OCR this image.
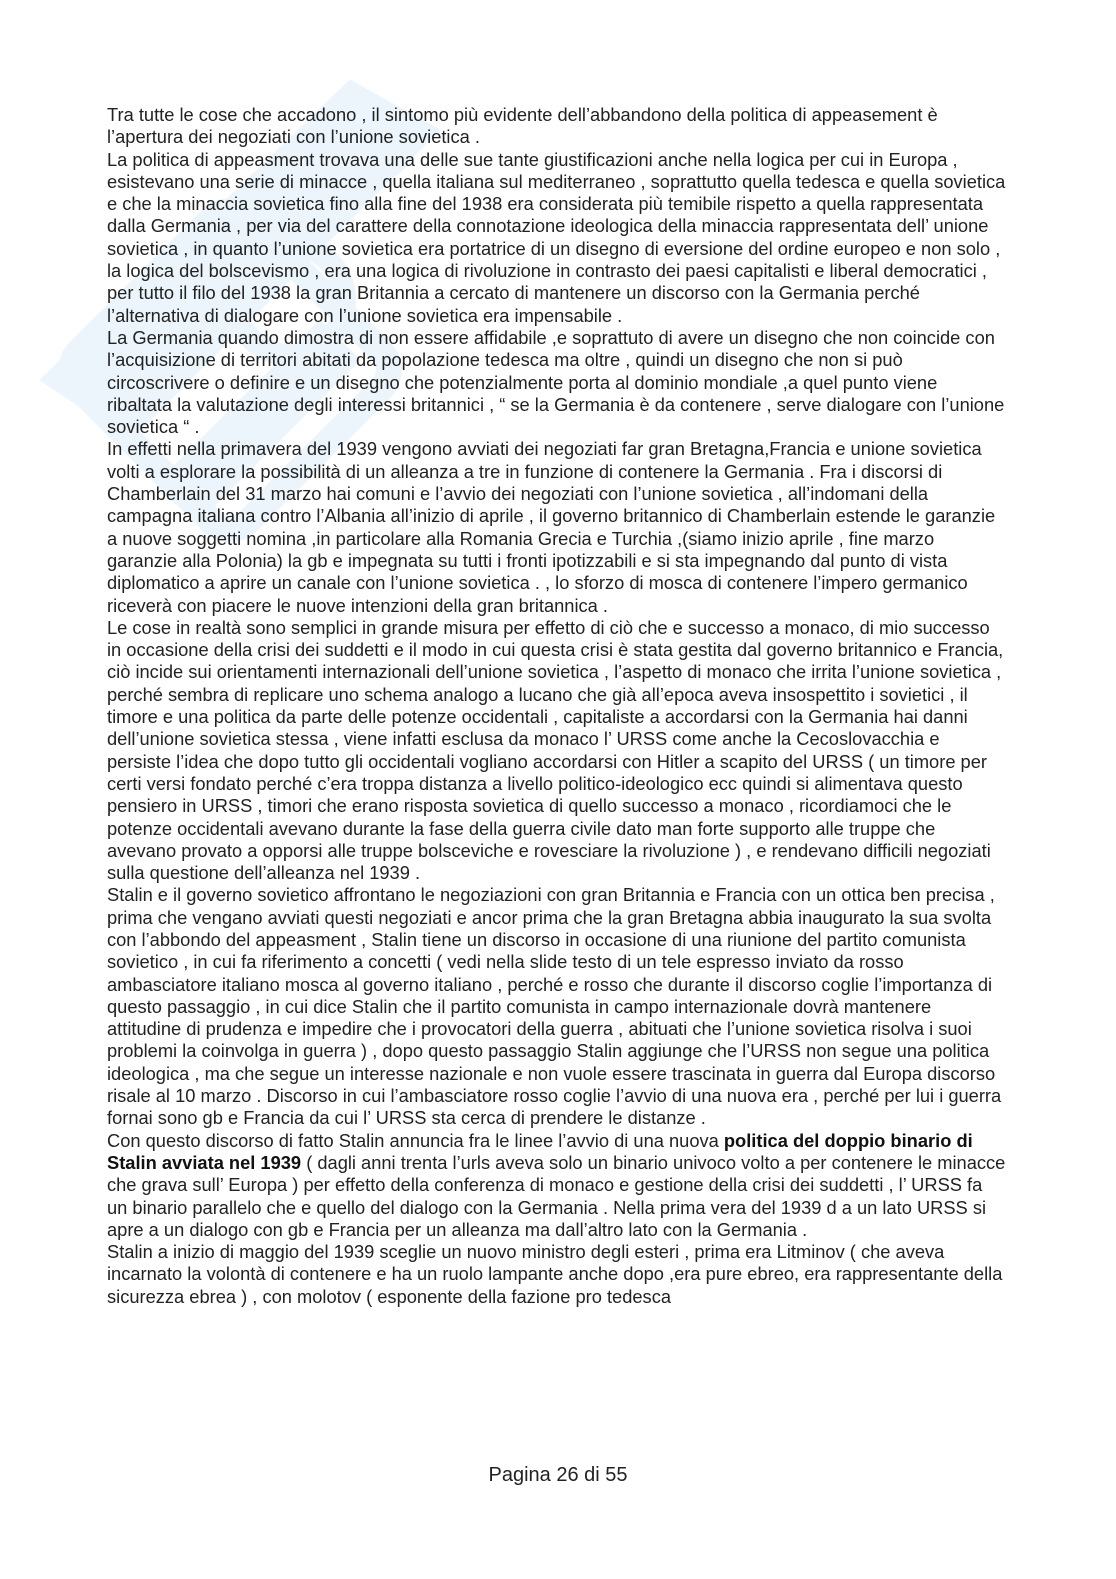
Tra tutte le cose che accadono , il sintomo più evidente dell’abbandono della politica di appeasement è l’apertura dei negoziati con l’unione sovietica .

La politica di appeasment trovava una delle sue tante giustificazioni anche nella logica per cui in Europa , esistevano una serie di minacce , quella italiana sul mediterraneo , soprattutto quella tedesca e quella sovietica e che la minaccia sovietica fino alla fine del 1938 era considerata più temibile rispetto a quella rappresentata dalla Germania , per via del carattere della connotazione ideologica della minaccia rappresentata dell’ unione sovietica , in quanto l’unione sovietica era portatrice di un disegno di eversione del ordine europeo e non solo , la logica del bolscevismo , era una logica di rivoluzione in contrasto dei paesi capitalisti e liberal democratici , per tutto il filo del 1938 la gran Britannia a cercato di mantenere un discorso con la Germania perché l’alternativa di dialogare con l’unione sovietica era impensabile .

La Germania quando dimostra di non essere affidabile ,e soprattuto di avere un disegno che non coincide con l’acquisizione di territori abitati da popolazione tedesca ma oltre , quindi un disegno che non si può circoscrivere o definire e un disegno che potenzialmente porta al dominio mondiale ,a quel punto viene ribaltata la valutazione degli interessi britannici , “ se la Germania è da contenere , serve dialogare con l’unione sovietica “ .

In effetti nella primavera del 1939 vengono avviati dei negoziati far gran Bretagna,Francia e unione sovietica volti a esplorare la possibilità di un alleanza a tre in funzione di contenere la Germania . Fra i discorsi di Chamberlain del 31 marzo hai comuni e l’avvio dei negoziati con l’unione sovietica , all’indomani della campagna italiana contro l’Albania all’inizio di aprile , il governo britannico di Chamberlain estende le garanzie a nuove soggetti nomina ,in particolare alla Romania Grecia e Turchia ,(siamo inizio aprile , fine marzo garanzie alla Polonia) la gb e impegnata su tutti i fronti ipotizzabili e si sta impegnando dal punto di vista diplomatico a aprire un canale con l’unione sovietica . , lo sforzo di mosca di contenere l’impero germanico riceverà con piacere le nuove intenzioni della gran britannica .

Le cose in realtà sono semplici in grande misura per effetto di ciò che e successo a monaco, di mio successo in occasione della crisi dei suddetti e il modo in cui questa crisi è stata gestita dal governo britannico e Francia, ciò incide sui orientamenti internazionali dell’unione sovietica , l’aspetto di monaco che irrita l’unione sovietica , perché sembra di replicare uno schema analogo a lucano che già all’epoca aveva insospettito i sovietici , il timore e una politica da parte delle potenze occidentali , capitaliste a accordarsi con la Germania hai danni dell’unione sovietica stessa , viene infatti esclusa da monaco l’ URSS come anche la Cecoslovacchia e persiste l’idea che dopo tutto gli occidentali vogliano accordarsi con Hitler a scapito del URSS ( un timore per certi versi fondato perché c’era troppa distanza a livello politico-ideologico ecc quindi si alimentava questo pensiero in URSS , timori che erano risposta sovietica di quello successo a monaco , ricordiamoci che le potenze occidentali avevano durante la fase della guerra civile dato man forte supporto alle truppe che avevano provato a opporsi alle truppe bolsceviche e rovesciare la rivoluzione ) , e rendevano difficili negoziati sulla questione dell’alleanza nel 1939 .

Stalin e il governo sovietico affrontano le negoziazioni con gran Britannia e Francia con un ottica ben precisa , prima che vengano avviati questi negoziati e ancor prima che la gran Bretagna abbia inaugurato la sua svolta con l’abbondo del appeasment , Stalin tiene un discorso in occasione di una riunione del partito comunista sovietico , in cui fa riferimento a concetti ( vedi nella slide testo di un tele espresso inviato da rosso ambasciatore italiano mosca al governo italiano , perché e rosso che durante il discorso coglie l’importanza di questo passaggio , in cui dice Stalin che il partito comunista in campo internazionale dovrà mantenere attitudine di prudenza e impedire che i provocatori della guerra , abituati che l’unione sovietica risolva i suoi problemi la coinvolga in guerra ) , dopo questo passaggio Stalin aggiunge che l’URSS non segue una politica ideologica , ma che segue un interesse nazionale e non vuole essere trascinata in guerra dal Europa discorso risale al 10 marzo . Discorso in cui l’ambasciatore rosso coglie l’avvio di una nuova era , perché per lui i guerra fornai sono gb e Francia da cui l’ URSS sta cerca di prendere le distanze .

Con questo discorso di fatto Stalin annuncia fra le linee l’avvio di una nuova politica del doppio binario di Stalin avviata nel 1939 ( dagli anni trenta l’urls aveva solo un binario univoco volto a per contenere le minacce che grava sull’ Europa ) per effetto della conferenza di monaco e gestione della crisi dei suddetti , l’ URSS fa un binario parallelo che e quello del dialogo con la Germania . Nella prima vera del 1939 d a un lato URSS si apre a un dialogo con gb e Francia per un alleanza ma dall’altro lato con la Germania .

Stalin a inizio di maggio del 1939 sceglie un nuovo ministro degli esteri , prima era Litminov ( che aveva incarnato la volontà di contenere e ha un ruolo lampante anche dopo ,era pure ebreo, era rappresentante della sicurezza ebrea ) , con molotov ( esponente della fazione pro tedesca

Pagina 26 di 55
